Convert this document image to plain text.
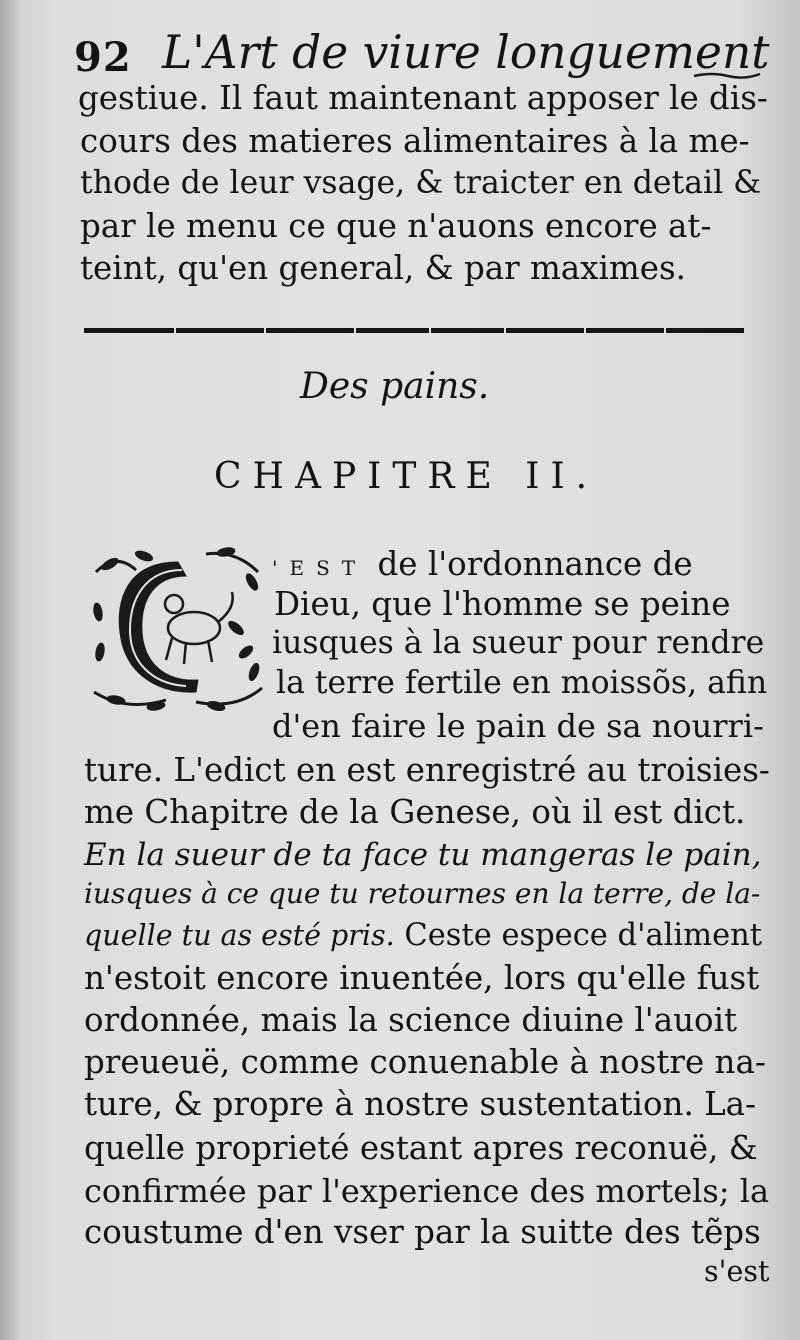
92 L'Art de viure longuement
gestiue. Il faut maintenant apposer le dis-
cours des matieres alimentaires à la me-
thode de leur vsage, & traicter en detail &
par le menu ce que n'auons encore at-
teint, qu'en general, & par maximes.
Des pains.
CHAPITRE II.
'EST de l'ordonnance de
Dieu, que l'homme se peine
iusques à la sueur pour rendre
la terre fertile en moissõs, afin
d'en faire le pain de sa nourri-
ture. L'edict en est enregistré au troisies-
me Chapitre de la Genese, où il est dict.
En la sueur de ta face tu mangeras le pain,
iusques à ce que tu retournes en la terre, de la-
quelle tu as esté pris. Ceste espece d'aliment
n'estoit encore inuentée, lors qu'elle fust
ordonnée, mais la science diuine l'auoit
preueuë, comme conuenable à nostre na-
ture, & propre à nostre sustentation. La-
quelle proprieté estant apres reconuë, &
confirmée par l'experience des mortels; la
coustume d'en vser par la suitte des tẽps
s'est
